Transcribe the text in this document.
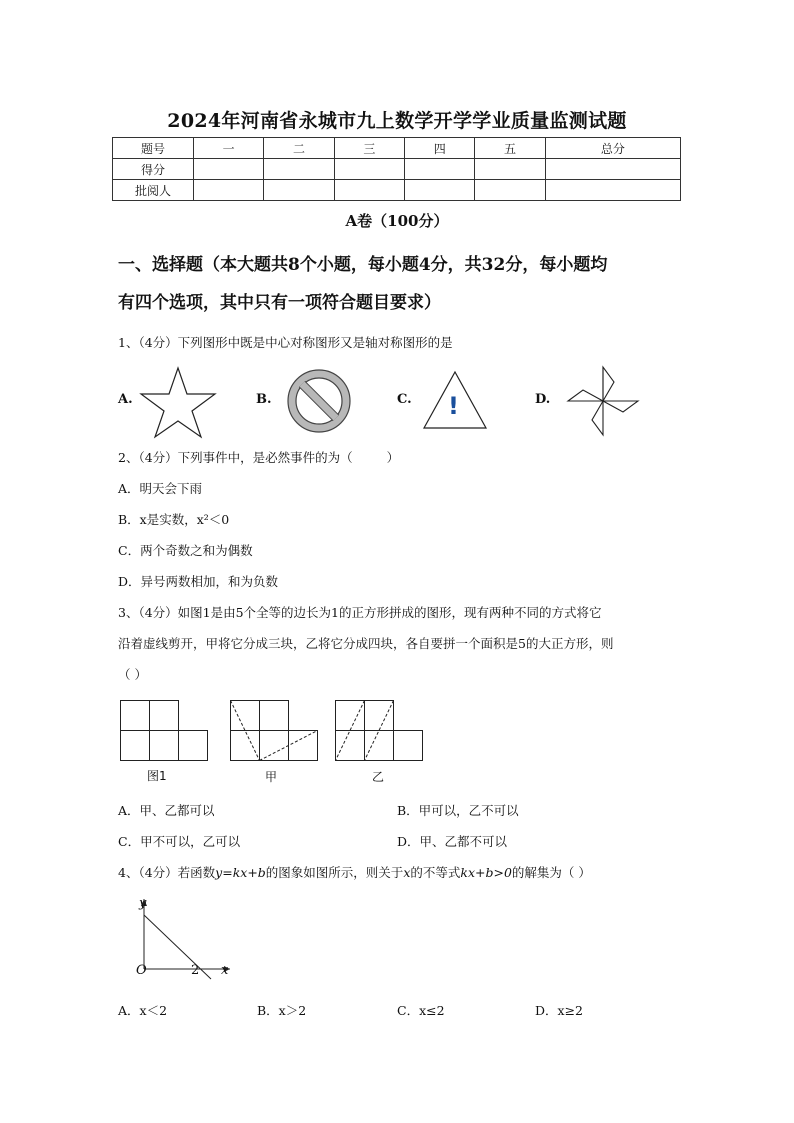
2024年河南省永城市九上数学开学学业质量监测试题
题号	一	二	三	四	五	总分
得分						
批阅人						
A卷（100分）
一、选择题（本大题共8个小题，每小题4分，共32分，每小题均
有四个选项，其中只有一项符合题目要求）
1、（4分）下列图形中既是中心对称图形又是轴对称图形的是
A.	B.	C. !	D.
2、（4分）下列事件中，是必然事件的为（	）
A．明天会下雨
B．x是实数，x²＜0
C．两个奇数之和为偶数
D．异号两数相加，和为负数
3、（4分）如图1是由5个全等的边长为1的正方形拼成的图形，现有两种不同的方式将它
沿着虚线剪开，甲将它分成三块，乙将它分成四块，各自要拼一个面积是5的大正方形，则
（ ）
图1	甲	乙
A．甲、乙都可以	B．甲可以，乙不可以
C．甲不可以，乙可以	D．甲、乙都不可以
4、（4分）若函数y=kx+b的图象如图所示，则关于x的不等式kx+b>0的解集为（ ）
y
x
O	2
A．x＜2	B．x＞2	C．x≤2	D．x≥2
